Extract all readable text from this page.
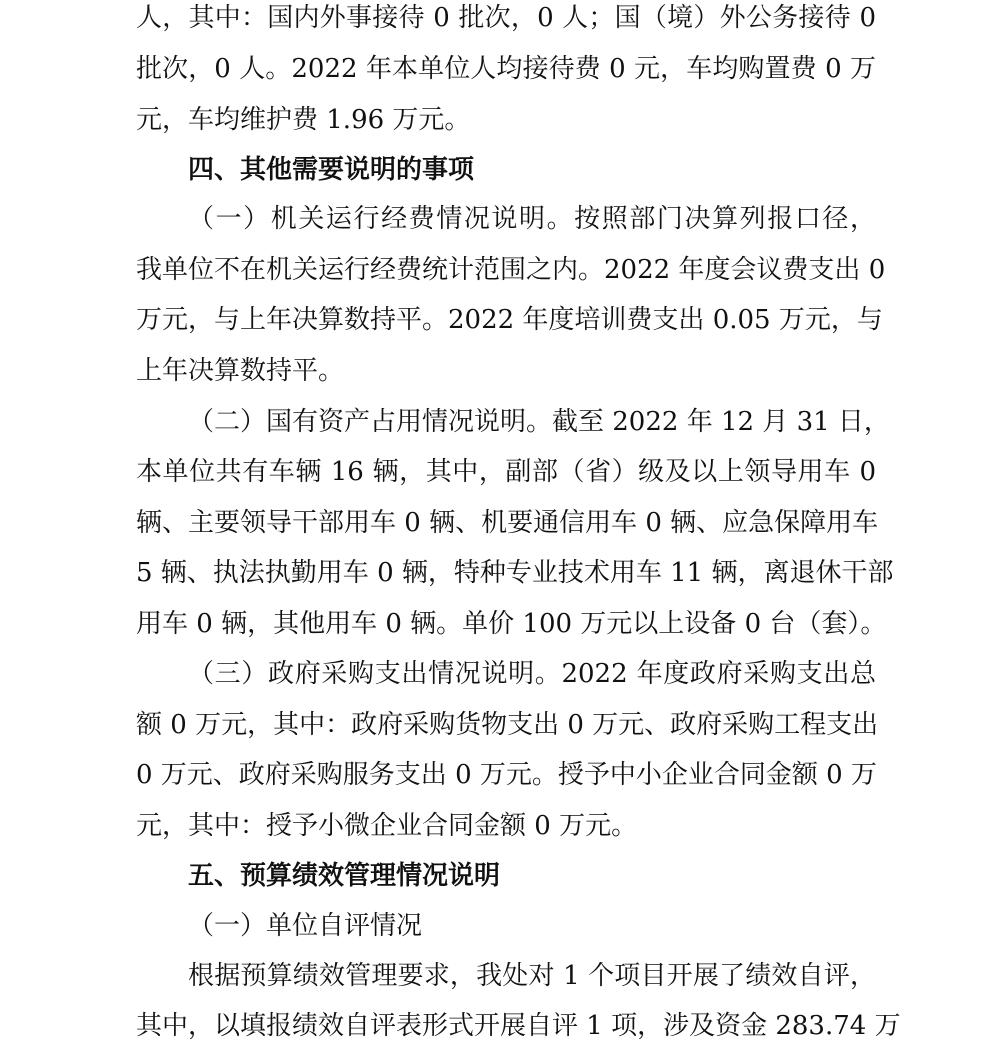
人，其中：国内外事接待 0 批次，0 人；国（境）外公务接待 0
批次，0 人。2022 年本单位人均接待费 0 元，车均购置费 0 万
元，车均维护费 1.96 万元。
四、其他需要说明的事项
（一）机关运行经费情况说明。按照部门决算列报口径，
我单位不在机关运行经费统计范围之内。2022 年度会议费支出 0
万元，与上年决算数持平。2022 年度培训费支出 0.05 万元，与
上年决算数持平。
（二）国有资产占用情况说明。截至 2022 年 12 月 31 日，
本单位共有车辆 16 辆，其中，副部（省）级及以上领导用车 0
辆、主要领导干部用车 0 辆、机要通信用车 0 辆、应急保障用车
5 辆、执法执勤用车 0 辆，特种专业技术用车 11 辆，离退休干部
用车 0 辆，其他用车 0 辆。单价 100 万元以上设备 0 台（套）。
（三）政府采购支出情况说明。2022 年度政府采购支出总
额 0 万元，其中：政府采购货物支出 0 万元、政府采购工程支出
0 万元、政府采购服务支出 0 万元。授予中小企业合同金额 0 万
元，其中：授予小微企业合同金额 0 万元。
五、预算绩效管理情况说明
（一）单位自评情况
根据预算绩效管理要求，我处对 1 个项目开展了绩效自评，
其中，以填报绩效自评表形式开展自评 1 项，涉及资金 283.74 万
